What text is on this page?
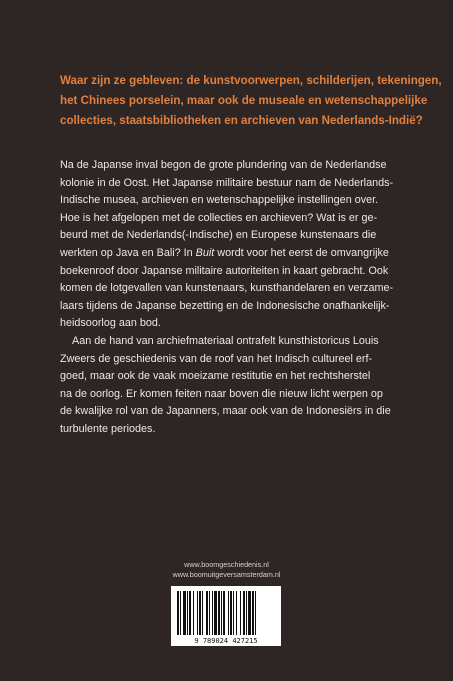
Waar zijn ze gebleven: de kunstvoorwerpen, schilderijen, tekeningen,
het Chinees porselein, maar ook de museale en wetenschappelijke
collecties, staatsbibliotheken en archieven van Nederlands-Indië?

Na de Japanse inval begon de grote plundering van de Nederlandse
kolonie in de Oost. Het Japanse militaire bestuur nam de Nederlands-
Indische musea, archieven en wetenschappelijke instellingen over.
Hoe is het afgelopen met de collecties en archieven? Wat is er ge-
beurd met de Nederlands(-Indische) en Europese kunstenaars die
werkten op Java en Bali? In Buit wordt voor het eerst de omvangrijke
boekenroof door Japanse militaire autoriteiten in kaart gebracht. Ook
komen de lotgevallen van kunstenaars, kunsthandelaren en verzame-
laars tijdens de Japanse bezetting en de Indonesische onafhankelijk-
heidsoorlog aan bod.
Aan de hand van archiefmateriaal ontrafelt kunsthistoricus Louis
Zweers de geschiedenis van de roof van het Indisch cultureel erf-
goed, maar ook de vaak moeizame restitutie en het rechtsherstel
na de oorlog. Er komen feiten naar boven die nieuw licht werpen op
de kwalijke rol van de Japanners, maar ook van de Indonesiërs in die
turbulente periodes.
www.boomgeschiedenis.nl
www.boomuitgeversamsterdam.nl
9 789024 427215
